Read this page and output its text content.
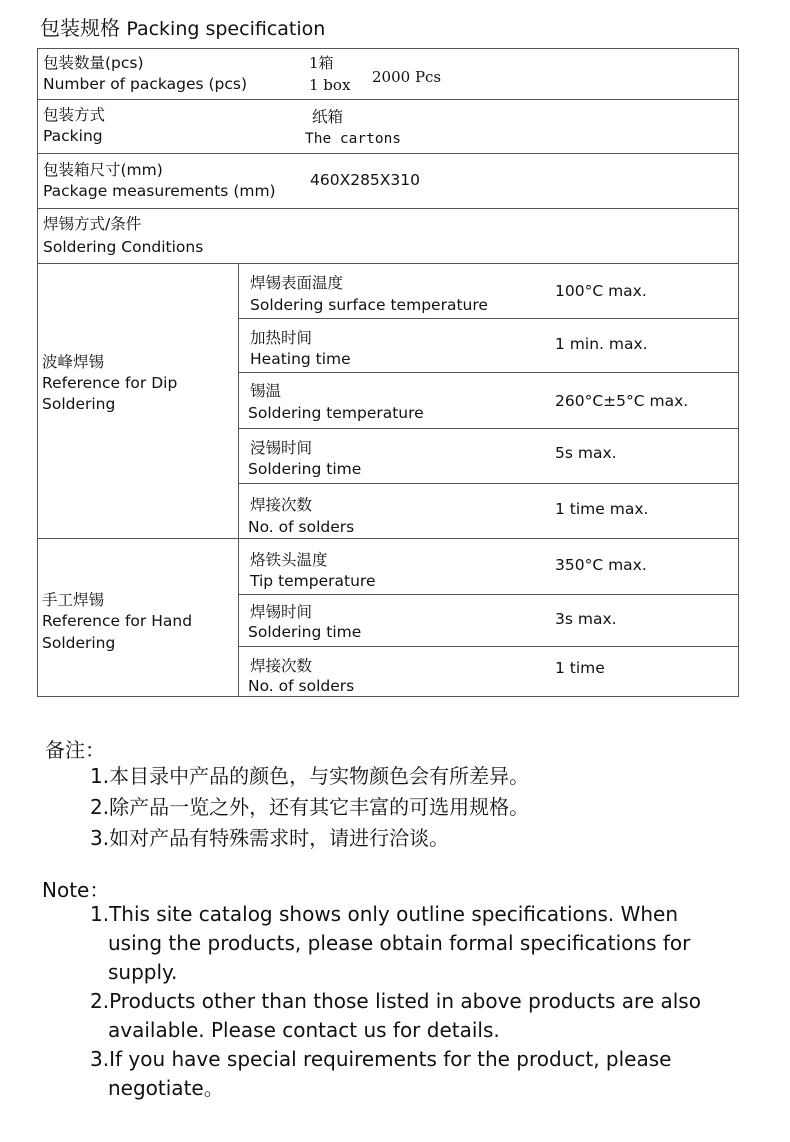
包装规格 Packing specification
包装数量(pcs)
Number of packages (pcs)
1箱
1 box 2000 Pcs
包装方式
Packing
纸箱
The cartons
包装箱尺寸(mm)
Package measurements (mm)
460X285X310
焊锡方式/条件
Soldering Conditions
波峰焊锡
Reference for Dip
Soldering
焊锡表面温度
Soldering surface temperature
100°C max.
加热时间
Heating time
1 min. max.
锡温
Soldering temperature
260°C±5°C max.
浸锡时间
Soldering time
5s max.
焊接次数
No. of solders
1 time max.
手工焊锡
Reference for Hand
Soldering
烙铁头温度
Tip temperature
350°C max.
焊锡时间
Soldering time
3s max.
焊接次数
No. of solders
1 time
备注：
1.本目录中产品的颜色，与实物颜色会有所差异。
2.除产品一览之外，还有其它丰富的可选用规格。
3.如对产品有特殊需求时，请进行洽谈。
Note：
1.This site catalog shows only outline specifications. When
using the products, please obtain formal specifications for
supply.
2.Products other than those listed in above products are also
available. Please contact us for details.
3.If you have special requirements for the product, please
negotiate。
